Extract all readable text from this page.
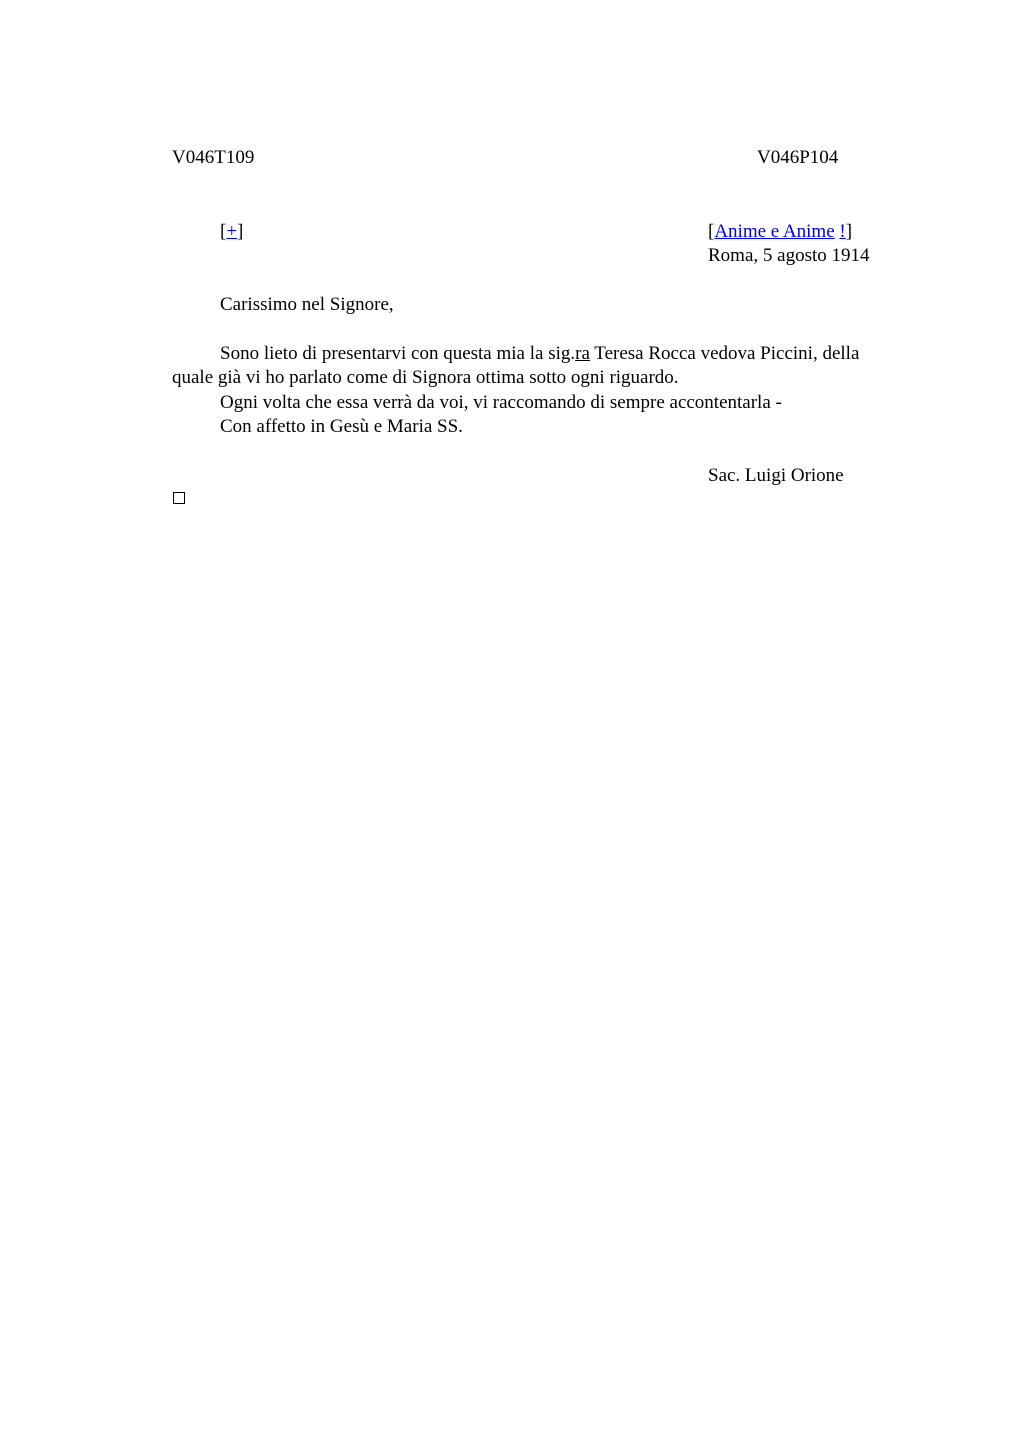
V046T109	V046P104
[+]	[Anime e Anime !]
Roma, 5 agosto 1914
Carissimo nel Signore,
Sono lieto di presentarvi con questa mia la sig.ra Teresa Rocca vedova Piccini, della quale già vi ho parlato come di Signora ottima sotto ogni riguardo.
Ogni volta che essa verrà da voi, vi raccomando di sempre accontentarla -
Con affetto in Gesù e Maria SS.
Sac. Luigi Orione
